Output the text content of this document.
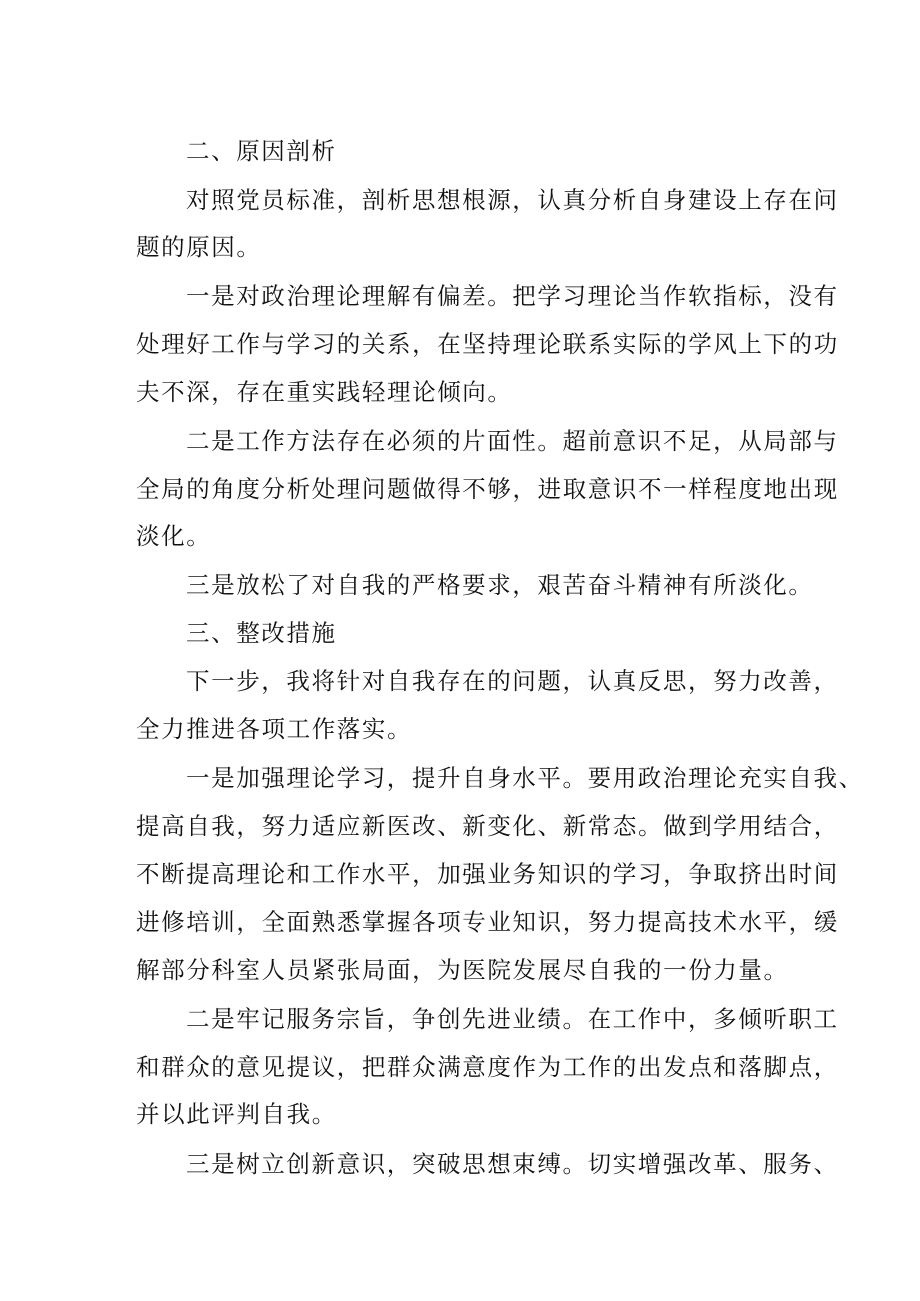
二、原因剖析
对照党员标准，剖析思想根源，认真分析自身建设上存在问
题的原因。
一是对政治理论理解有偏差。把学习理论当作软指标，没有
处理好工作与学习的关系，在坚持理论联系实际的学风上下的功
夫不深，存在重实践轻理论倾向。
二是工作方法存在必须的片面性。超前意识不足，从局部与
全局的角度分析处理问题做得不够，进取意识不一样程度地出现
淡化。
三是放松了对自我的严格要求，艰苦奋斗精神有所淡化。
三、整改措施
下一步，我将针对自我存在的问题，认真反思，努力改善，
全力推进各项工作落实。
一是加强理论学习，提升自身水平。要用政治理论充实自我、
提高自我，努力适应新医改、新变化、新常态。做到学用结合，
不断提高理论和工作水平，加强业务知识的学习，争取挤出时间
进修培训，全面熟悉掌握各项专业知识，努力提高技术水平，缓
解部分科室人员紧张局面，为医院发展尽自我的一份力量。
二是牢记服务宗旨，争创先进业绩。在工作中，多倾听职工
和群众的意见提议，把群众满意度作为工作的出发点和落脚点，
并以此评判自我。
三是树立创新意识，突破思想束缚。切实增强改革、服务、
